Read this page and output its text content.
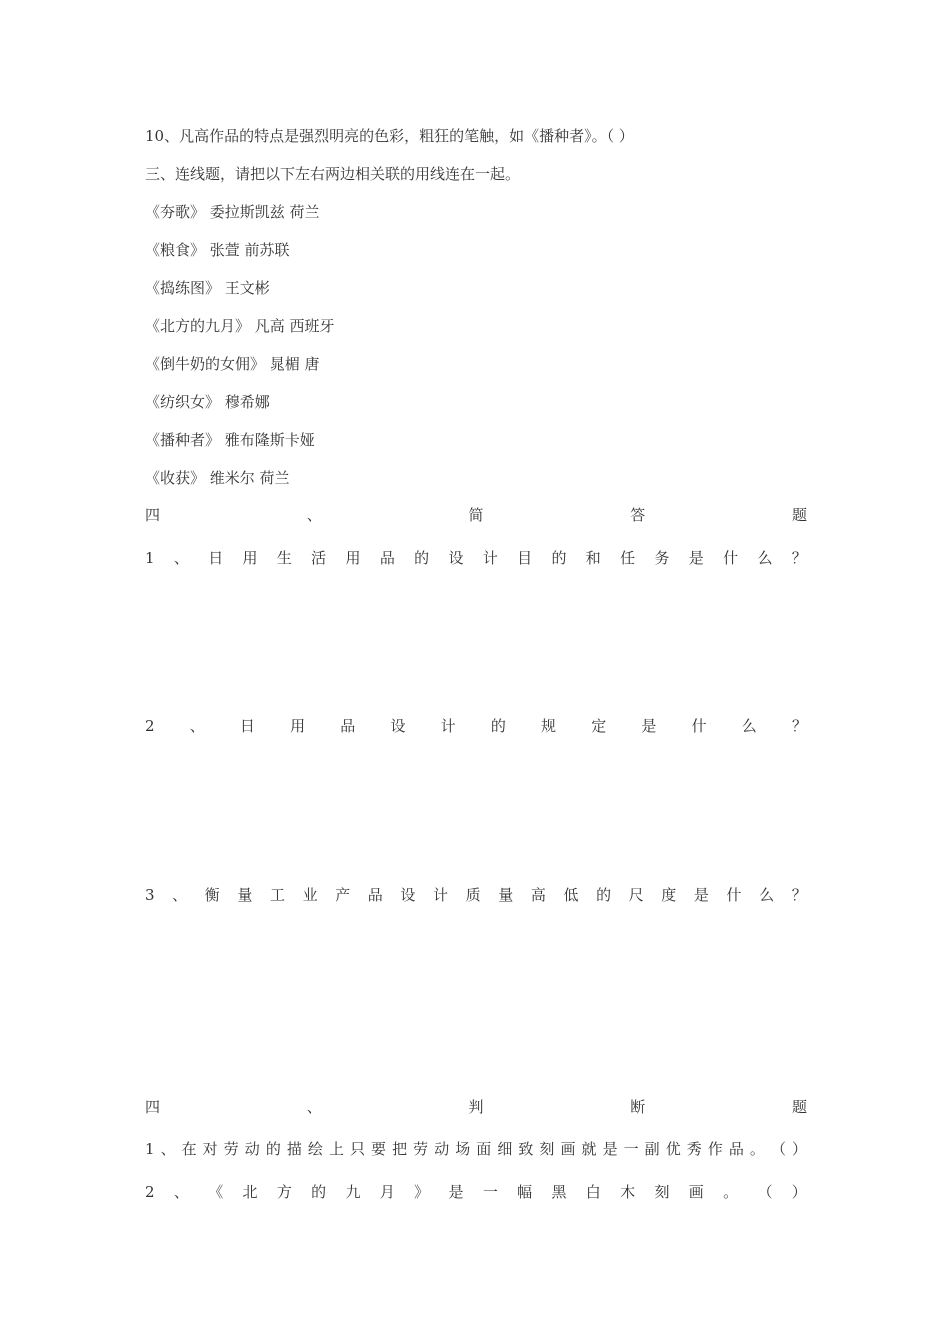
10、凡高作品的特点是强烈明亮的色彩，粗狂的笔触，如《播种者》。（ ）
三、连线题，请把以下左右两边相关联的用线连在一起。
《夯歌》 委拉斯凯兹 荷兰
《粮食》 张萱 前苏联
《捣练图》 王文彬
《北方的九月》 凡高 西班牙
《倒牛奶的女佣》 晁楣 唐
《纺织女》 穆希娜
《播种者》 雅布隆斯卡娅
《收获》 维米尔 荷兰
四	、	简	答	题
1 、 日 用 生 活 用 品 的 设 计 目 的 和 任 务 是 什 么 ？
2 、 日 用 品 设 计 的 规 定 是 什 么 ？
3 、 衡 量 工 业 产 品 设 计 质 量 高 低 的 尺 度 是 什 么 ？
四	、	判	断	题
1 、 在 对 劳 动 的 描 绘 上 只 要 把 劳 动 场 面 细 致 刻 画 就 是 一 副 优 秀 作 品 。 （ ）
2 、 《 北 方 的 九 月 》 是 一 幅 黑 白 木 刻 画 。 （ ）
